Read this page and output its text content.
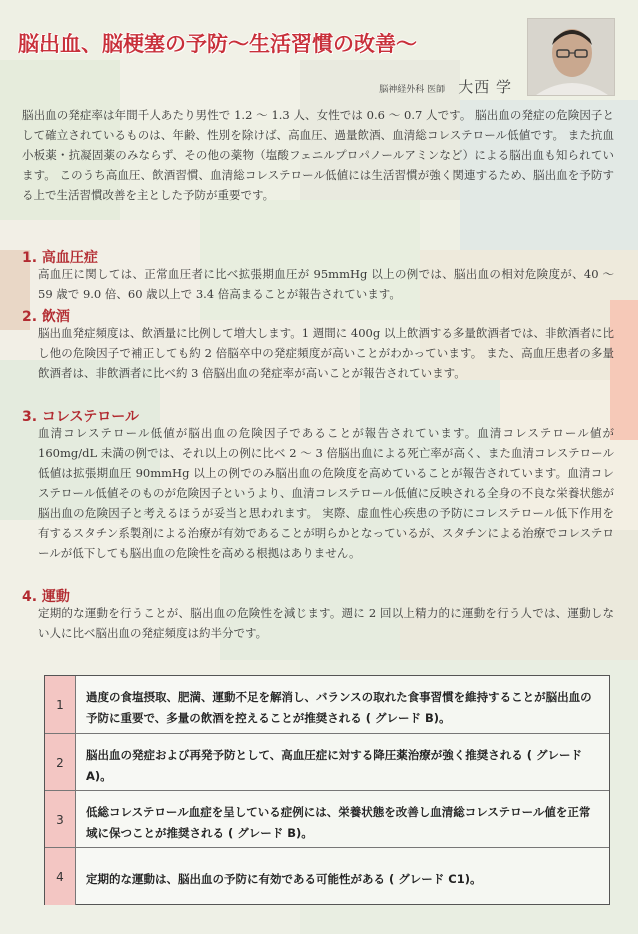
脳出血、脳梗塞の予防～生活習慣の改善～
脳神経外科 医師 大西 学

脳出血の発症率は年間千人あたり男性で 1.2 ～ 1.3 人、女性では 0.6 ～ 0.7 人です。 脳出血の発症の危険因子として確立されているものは、年齢、性別を除けば、高血圧、過量飲酒、血清総コレステロール低値です。 また抗血小板薬・抗凝固薬のみならず、その他の薬物（塩酸フェニルプロパノールアミンなど）による脳出血も知られています。 このうち高血圧、飲酒習慣、血清総コレステロール低値には生活習慣が強く関連するため、脳出血を予防する上で生活習慣改善を主とした予防が重要です。

1. 高血圧症

高血圧に関しては、正常血圧者に比べ拡張期血圧が 95mmHg 以上の例では、脳出血の相対危険度が、40 ～ 59 歳で 9.0 倍、60 歳以上で 3.4 倍高まることが報告されています。

2. 飲酒

脳出血発症頻度は、飲酒量に比例して増大します。1 週間に 400g 以上飲酒する多量飲酒者では、非飲酒者に比し他の危険因子で補正しても約 2 倍脳卒中の発症頻度が高いことがわかっています。 また、高血圧患者の多量飲酒者は、非飲酒者に比べ約 3 倍脳出血の発症率が高いことが報告されています。

3. コレステロール

血清コレステロール低値が脳出血の危険因子であることが報告されています。血清コレステロール値が 160mg/dL 未満の例では、それ以上の例に比べ 2 ～ 3 倍脳出血による死亡率が高く、また血清コレステロール低値は拡張期血圧 90mmHg 以上の例でのみ脳出血の危険度を高めていることが報告されています。血清コレステロール低値そのものが危険因子というより、血清コレステロール低値に反映される全身の不良な栄養状態が脳出血の危険因子と考えるほうが妥当と思われます。 実際、虚血性心疾患の予防にコレステロール低下作用を有するスタチン系製剤による治療が有効であることが明らかとなっているが、スタチンによる治療でコレステロールが低下しても脳出血の危険性を高める根拠はありません。

4. 運動

定期的な運動を行うことが、脳出血の危険性を減じます。週に 2 回以上精力的に運動を行う人では、運動しない人に比べ脳出血の発症頻度は約半分です。

1
過度の食塩摂取、肥満、運動不足を解消し、バランスの取れた食事習慣を維持することが脳出血の予防に重要で、多量の飲酒を控えることが推奨される ( グレード B)。
2
脳出血の発症および再発予防として、高血圧症に対する降圧薬治療が強く推奨される ( グレード A)。
3
低総コレステロール血症を呈している症例には、栄養状態を改善し血清総コレステロール値を正常域に保つことが推奨される ( グレード B)。
4	定期的な運動は、脳出血の予防に有効である可能性がある ( グレード C1)。
